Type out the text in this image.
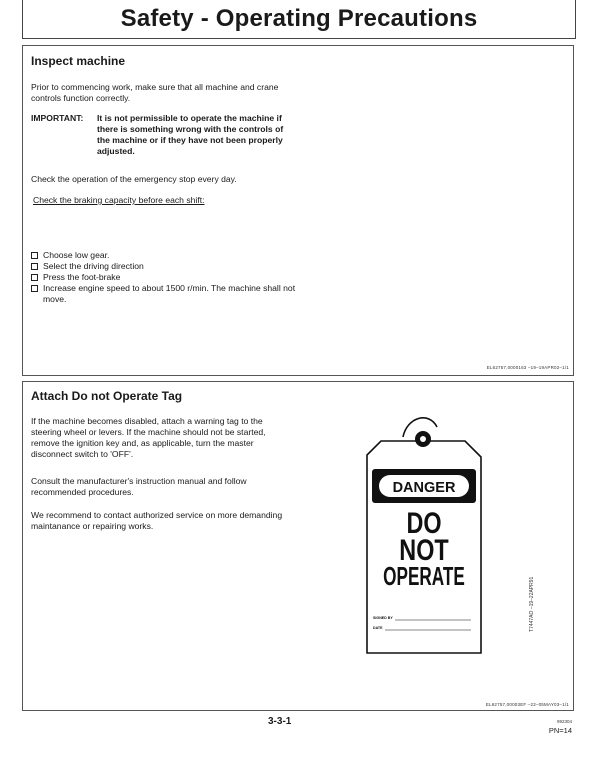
Safety - Operating Precautions
Inspect machine
Prior to commencing work, make sure that all machine and crane controls function correctly.
IMPORTANT: It is not permissible to operate the machine if there is something wrong with the controls of the machine or if they have not been properly adjusted.
Check the operation of the emergency stop every day.
Check the braking capacity before each shift:
Choose low gear.
Select the driving direction
Press the foot-brake
Increase engine speed to about 1500 r/min. The machine shall not move.
EL62757,0000163 –19–19APR02–1/1
Attach Do not Operate Tag
If the machine becomes disabled, attach a warning tag to the steering wheel or levers. If the machine should not be started, remove the ignition key and, as applicable, turn the master disconnect switch to 'OFF'.
Consult the manufacturer's instruction manual and follow recommended procedures.
We recommend to contact authorized service on more demanding maintanance or repairing works.
DANGER
DO
NOT
OPERATE
SIGNED BY
DATE	T7447AO –19–22APR91
EL62757,00003EF –22–05MAY03–1/1
3-3-1	992304
PN=14
